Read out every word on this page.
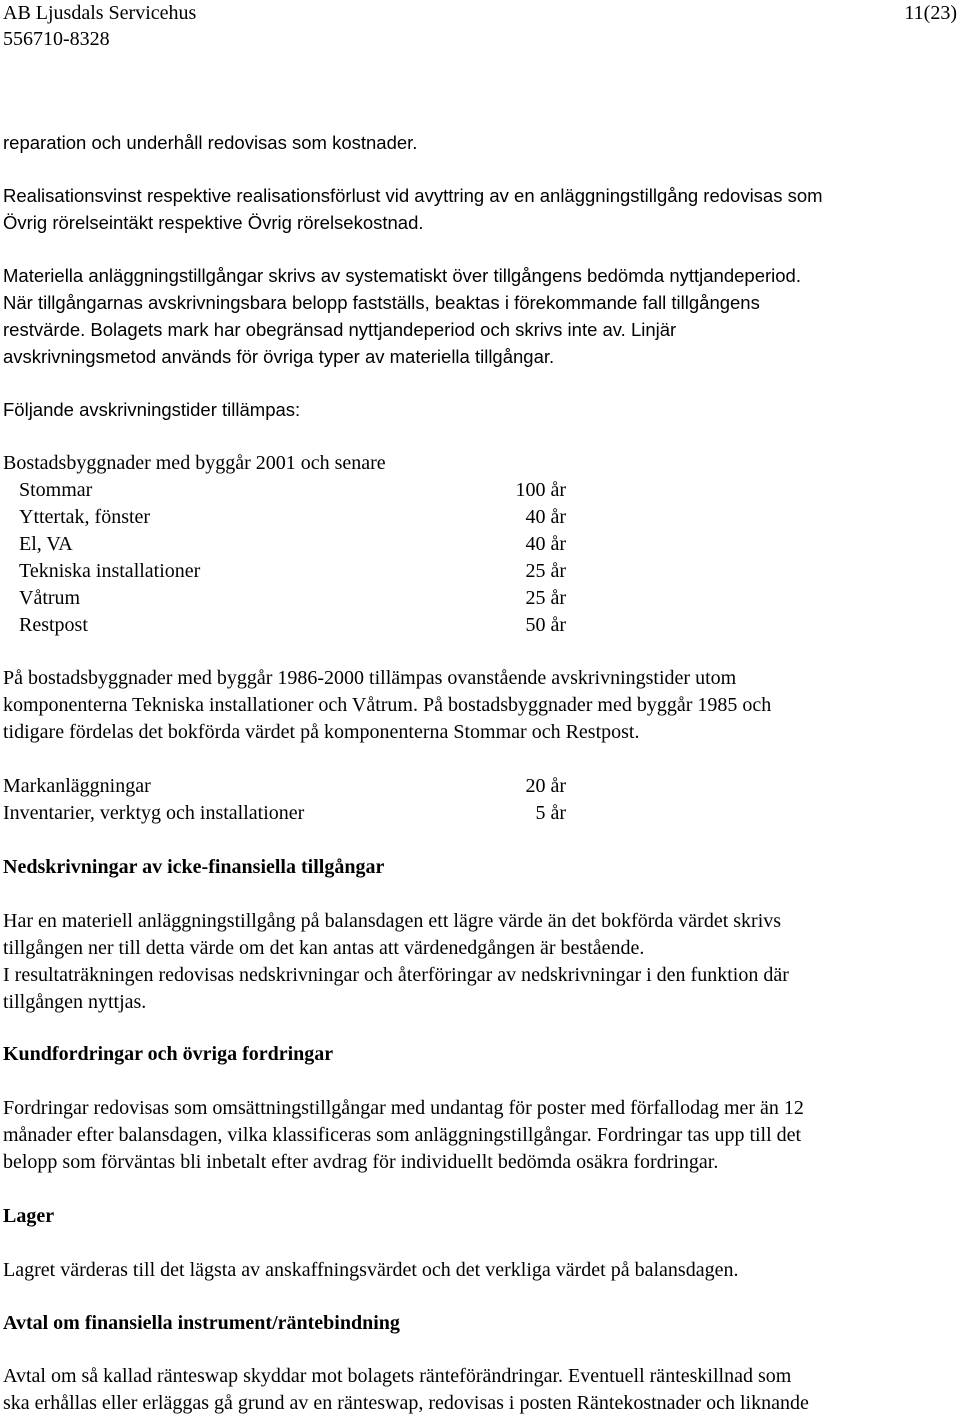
AB Ljusdals Servicehus
556710-8328
11(23)
reparation och underhåll redovisas som kostnader.
Realisationsvinst respektive realisationsförlust vid avyttring av en anläggningstillgång redovisas som
Övrig rörelseintäkt respektive Övrig rörelsekostnad.
Materiella anläggningstillgångar skrivs av systematiskt över tillgångens bedömda nyttjandeperiod.
När tillgångarnas avskrivningsbara belopp fastställs, beaktas i förekommande fall tillgångens
restvärde. Bolagets mark har obegränsad nyttjandeperiod och skrivs inte av. Linjär
avskrivningsmetod används för övriga typer av materiella tillgångar.
Följande avskrivningstider tillämpas:
Bostadsbyggnader med byggår 2001 och senare
Stommar	100 år
Yttertak, fönster	40 år
El, VA	40 år
Tekniska installationer	25 år
Våtrum	25 år
Restpost	50 år
På bostadsbyggnader med byggår 1986-2000 tillämpas ovanstående avskrivningstider utom
komponenterna Tekniska installationer och Våtrum. På bostadsbyggnader med byggår 1985 och
tidigare fördelas det bokförda värdet på komponenterna Stommar och Restpost.
Markanläggningar	20 år
Inventarier, verktyg och installationer	5 år
Nedskrivningar av icke-finansiella tillgångar
Har en materiell anläggningstillgång på balansdagen ett lägre värde än det bokförda värdet skrivs
tillgången ner till detta värde om det kan antas att värdenedgången är bestående.
I resultaträkningen redovisas nedskrivningar och återföringar av nedskrivningar i den funktion där
tillgången nyttjas.
Kundfordringar och övriga fordringar
Fordringar redovisas som omsättningstillgångar med undantag för poster med förfallodag mer än 12
månader efter balansdagen, vilka klassificeras som anläggningstillgångar. Fordringar tas upp till det
belopp som förväntas bli inbetalt efter avdrag för individuellt bedömda osäkra fordringar.
Lager
Lagret värderas till det lägsta av anskaffningsvärdet och det verkliga värdet på balansdagen.
Avtal om finansiella instrument/räntebindning
Avtal om så kallad ränteswap skyddar mot bolagets ränteförändringar. Eventuell ränteskillnad som
ska erhållas eller erläggas gå grund av en ränteswap, redovisas i posten Räntekostnader och liknande
